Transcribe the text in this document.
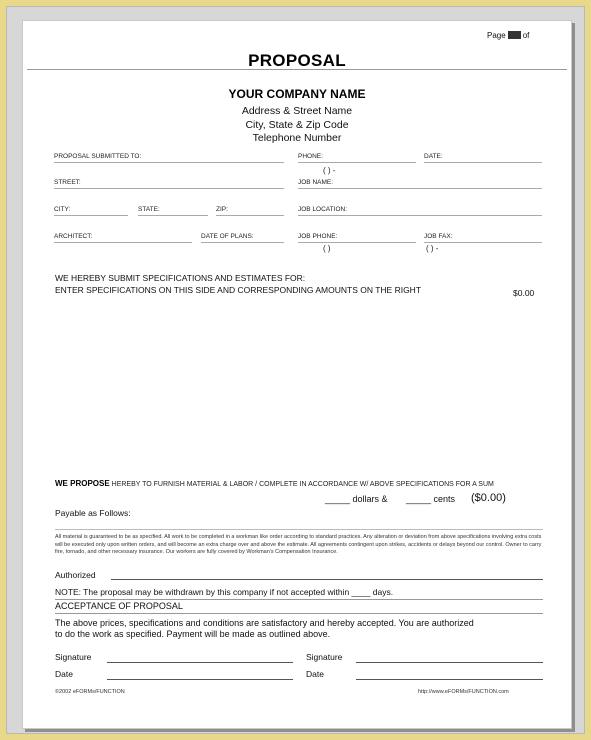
Page of
PROPOSAL
YOUR COMPANY NAME
Address & Street Name
City, State & Zip Code
Telephone Number
PROPOSAL SUBMITTED TO:	PHONE:	DATE:
( ) -
STREET:	JOB NAME:
CITY:	STATE:	ZIP:	JOB LOCATION:
ARCHITECT:	DATE OF PLANS:	JOB PHONE:	JOB FAX:
( )	( ) -
WE HEREBY SUBMIT SPECIFICATIONS AND ESTIMATES FOR:
ENTER SPECIFICATIONS ON THIS SIDE AND CORRESPONDING AMOUNTS ON THE RIGHT	$0.00
WE PROPOSE HEREBY TO FURNISH MATERIAL & LABOR / COMPLETE IN ACCORDANCE W/ ABOVE SPECIFICATIONS FOR A SUM
_____ dollars & _____ cents ($0.00)
Payable as Follows:
All material is guaranteed to be as specified. All work to be completed in a workman like order according to standard practices. Any alteration or deviation from above specifications involving extra costs will be executed only upon written orders, and will become an extra charge over and above the estimate. All agreements contingent upon strikes, accidents or delays beyond our control. Owner to carry fire, tornado, and other necessary insurance. Our workers are fully covered by Workman's Compensation Insurance.
Authorized
NOTE: The proposal may be withdrawn by this company if not accepted within ____ days.
ACCEPTANCE OF PROPOSAL
The above prices, specifications and conditions are satisfactory and hereby accepted. You are authorized
to do the work as specified. Payment will be made as outlined above.
Signature	Signature
Date	Date
©2002 eFORMs/FUNCTION	http://www.eFORMs/FUNCTION.com
